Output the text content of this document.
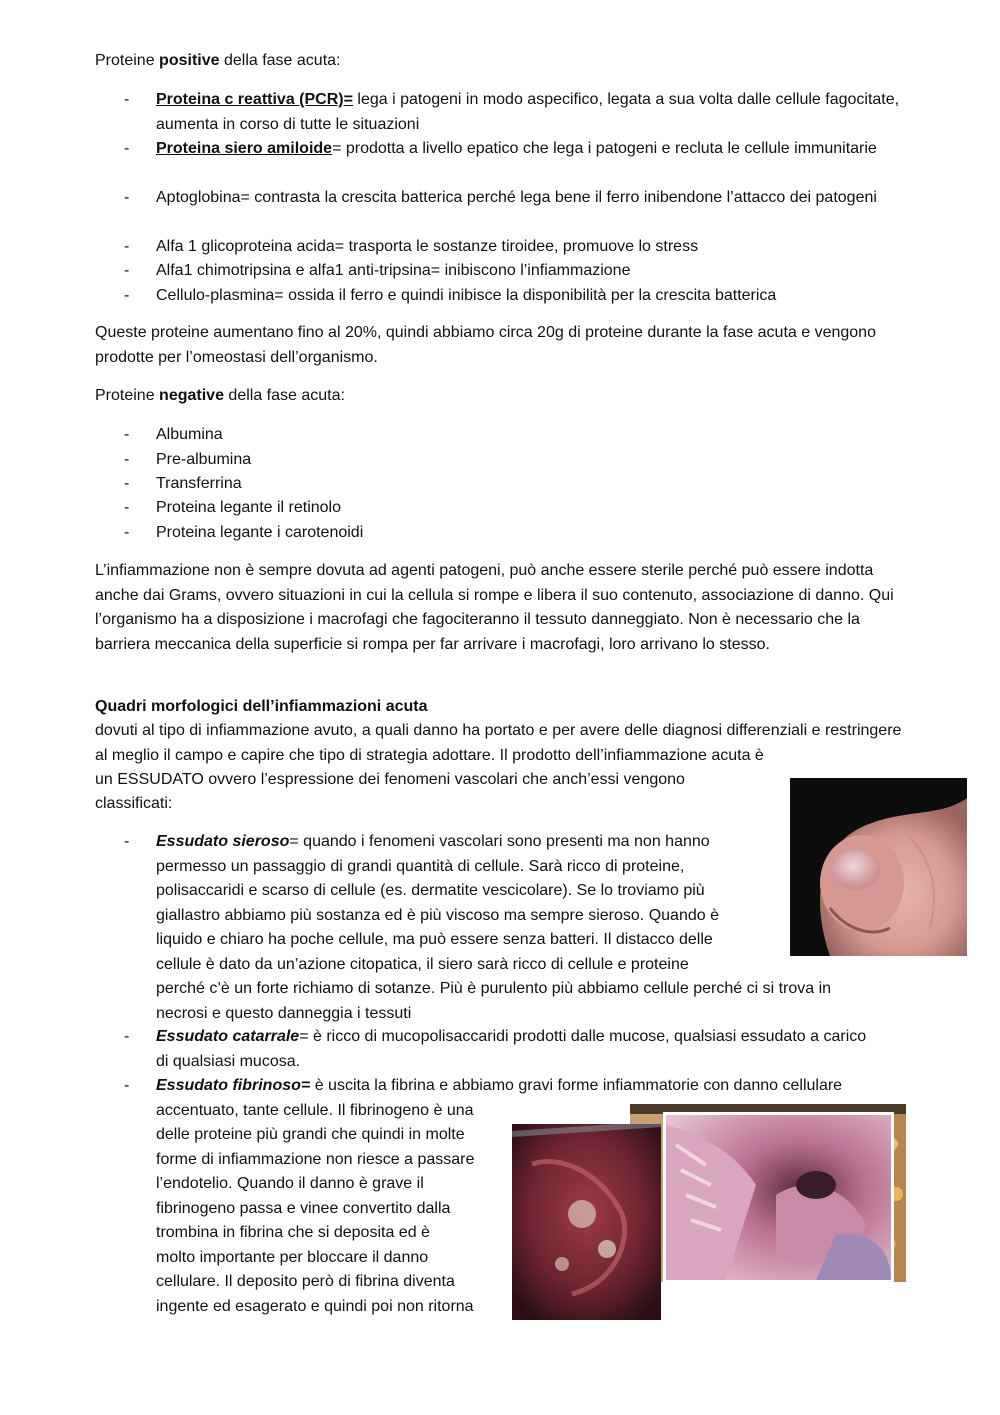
Proteine positive della fase acuta:

- Proteina c reattiva (PCR)= lega i patogeni in modo aspecifico, legata a sua volta dalle cellule fagocitate, aumenta in corso di tutte le situazioni
- Proteina siero amiloide= prodotta a livello epatico che lega i patogeni e recluta le cellule immunitarie
- Aptoglobina= contrasta la crescita batterica perché lega bene il ferro inibendone l’attacco dei patogeni
- Alfa 1 glicoproteina acida= trasporta le sostanze tiroidee, promuove lo stress
- Alfa1 chimotripsina e alfa1 anti-tripsina= inibiscono l’infiammazione
- Cellulo-plasmina= ossida il ferro e quindi inibisce la disponibilità per la crescita batterica

Queste proteine aumentano fino al 20%, quindi abbiamo circa 20g di proteine durante la fase acuta e vengono prodotte per l’omeostasi dell’organismo.

Proteine negative della fase acuta:

- Albumina
- Pre-albumina
- Transferrina
- Proteina legante il retinolo
- Proteina legante i carotenoidi

L’infiammazione non è sempre dovuta ad agenti patogeni, può anche essere sterile perché può essere indotta anche dai Grams, ovvero situazioni in cui la cellula si rompe e libera il suo contenuto, associazione di danno. Qui l’organismo ha a disposizione i macrofagi che fagociteranno il tessuto danneggiato. Non è necessario che la barriera meccanica della superficie si rompa per far arrivare i macrofagi, loro arrivano lo stesso.

Quadri morfologici dell’infiammazioni acuta

dovuti al tipo di infiammazione avuto, a quali danno ha portato e per avere delle diagnosi differenziali e restringere al meglio il campo e capire che tipo di strategia adottare. Il prodotto dell’infiammazione acuta è

un ESSUDATO ovvero l’espressione dei fenomeni vascolari che anch’essi vengono

classificati:

- Essudato sieroso= quando i fenomeni vascolari sono presenti ma non hanno
permesso un passaggio di grandi quantità di cellule. Sarà ricco di proteine,
polisaccaridi e scarso di cellule (es. dermatite vescicolare). Se lo troviamo più
giallastro abbiamo più sostanza ed è più viscoso ma sempre sieroso. Quando è
liquido e chiaro ha poche cellule, ma può essere senza batteri. Il distacco delle
cellule è dato da un’azione citopatica, il siero sarà ricco di cellule e proteine
perché c’è un forte richiamo di sotanze. Più è purulento più abbiamo cellule perché ci si trova in
necrosi e questo danneggia i tessuti
- Essudato catarrale= è ricco di mucopolisaccaridi prodotti dalle mucose, qualsiasi essudato a carico
di qualsiasi mucosa.
- Essudato fibrinoso= è uscita la fibrina e abbiamo gravi forme infiammatorie con danno cellulare
accentuato, tante cellule. Il fibrinogeno è una
delle proteine più grandi che quindi in molte
forme di infiammazione non riesce a passare
l’endotelio. Quando il danno è grave il
fibrinogeno passa e vinee convertito dalla
trombina in fibrina che si deposita ed è
molto importante per bloccare il danno
cellulare. Il deposito però di fibrina diventa
ingente ed esagerato e quindi poi non ritorna
